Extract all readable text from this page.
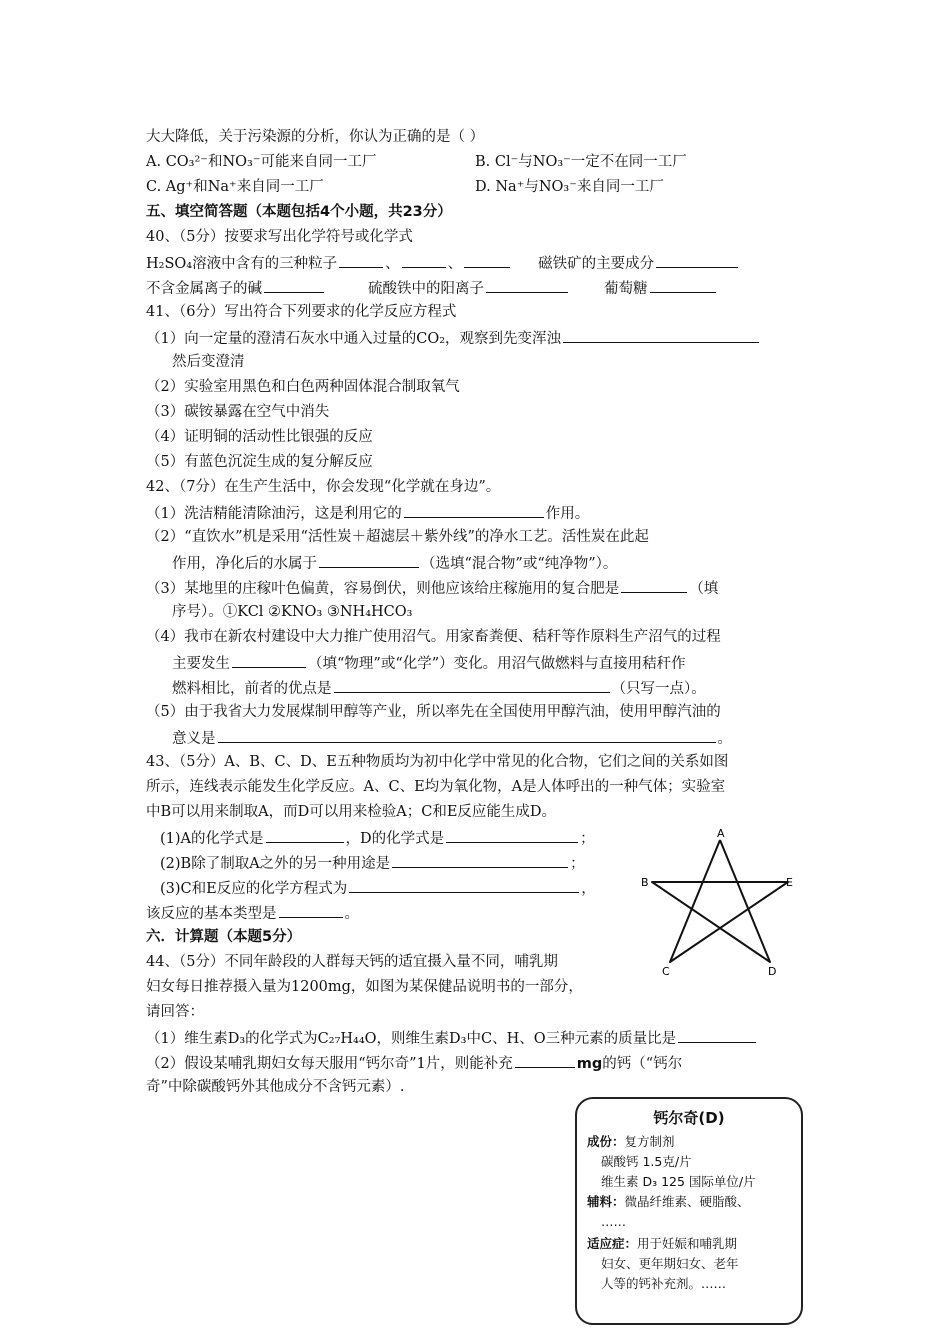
大大降低，关于污染源的分析，你认为正确的是（ ）
A. CO₃²⁻和NO₃⁻可能来自同一工厂	B. Cl⁻与NO₃⁻一定不在同一工厂
C. Ag⁺和Na⁺来自同一工厂	D. Na⁺与NO₃⁻来自同一工厂
五、填空简答题（本题包括4个小题，共23分）
40、（5分）按要求写出化学符号或化学式
H₂SO₄溶液中含有的三种粒子	、	、	磁铁矿的主要成分
不含金属离子的碱	硫酸铁中的阳离子	葡萄糖
41、（6分）写出符合下列要求的化学反应方程式
（1）向一定量的澄清石灰水中通入过量的CO₂，观察到先变浑浊
然后变澄清
（2）实验室用黑色和白色两种固体混合制取氧气
（3）碳铵暴露在空气中消失
（4）证明铜的活动性比银强的反应
（5）有蓝色沉淀生成的复分解反应
42、（7分）在生产生活中，你会发现“化学就在身边”。
（1）洗洁精能清除油污，这是利用它的	作用。
（2）“直饮水”机是采用“活性炭＋超滤层＋紫外线”的净水工艺。活性炭在此起
作用，净化后的水属于	（选填“混合物”或“纯净物”）。
（3）某地里的庄稼叶色偏黄，容易倒伏，则他应该给庄稼施用的复合肥是	（填
序号）。①KCl ②KNO₃ ③NH₄HCO₃
（4）我市在新农村建设中大力推广使用沼气。用家畜粪便、秸秆等作原料生产沼气的过程
主要发生	（填“物理”或“化学”）变化。用沼气做燃料与直接用秸秆作
燃料相比，前者的优点是	（只写一点）。
（5）由于我省大力发展煤制甲醇等产业，所以率先在全国使用甲醇汽油，使用甲醇汽油的
意义是	。
43、（5分）A、B、C、D、E五种物质均为初中化学中常见的化合物，它们之间的关系如图
所示，连线表示能发生化学反应。A、C、E均为氧化物，A是人体呼出的一种气体；实验室
中B可以用来制取A，而D可以用来检验A；C和E反应能生成D。
(1)A的化学式是	，D的化学式是	；
(2)B除了制取A之外的另一种用途是	；
(3)C和E反应的化学方程式为	，
该反应的基本类型是	。
A
B	E
C	D
六．计算题（本题5分）
44、（5分）不同年龄段的人群每天钙的适宜摄入量不同，哺乳期
妇女每日推荐摄入量为1200mg，如图为某保健品说明书的一部分，
请回答：
（1）维生素D₃的化学式为C₂₇H₄₄O，则维生素D₃中C、H、O三种元素的质量比是
（2）假设某哺乳期妇女每天服用“钙尔奇”1片，则能补充	mg的钙（“钙尔
奇”中除碳酸钙外其他成分不含钙元素）.
钙尔奇(D)
成份：复方制剂
碳酸钙 1.5克/片
维生素 D₃ 125 国际单位/片
辅料：微晶纤维素、硬脂酸、
……
适应症：用于妊娠和哺乳期
妇女、更年期妇女、老年
人等的钙补充剂。……
